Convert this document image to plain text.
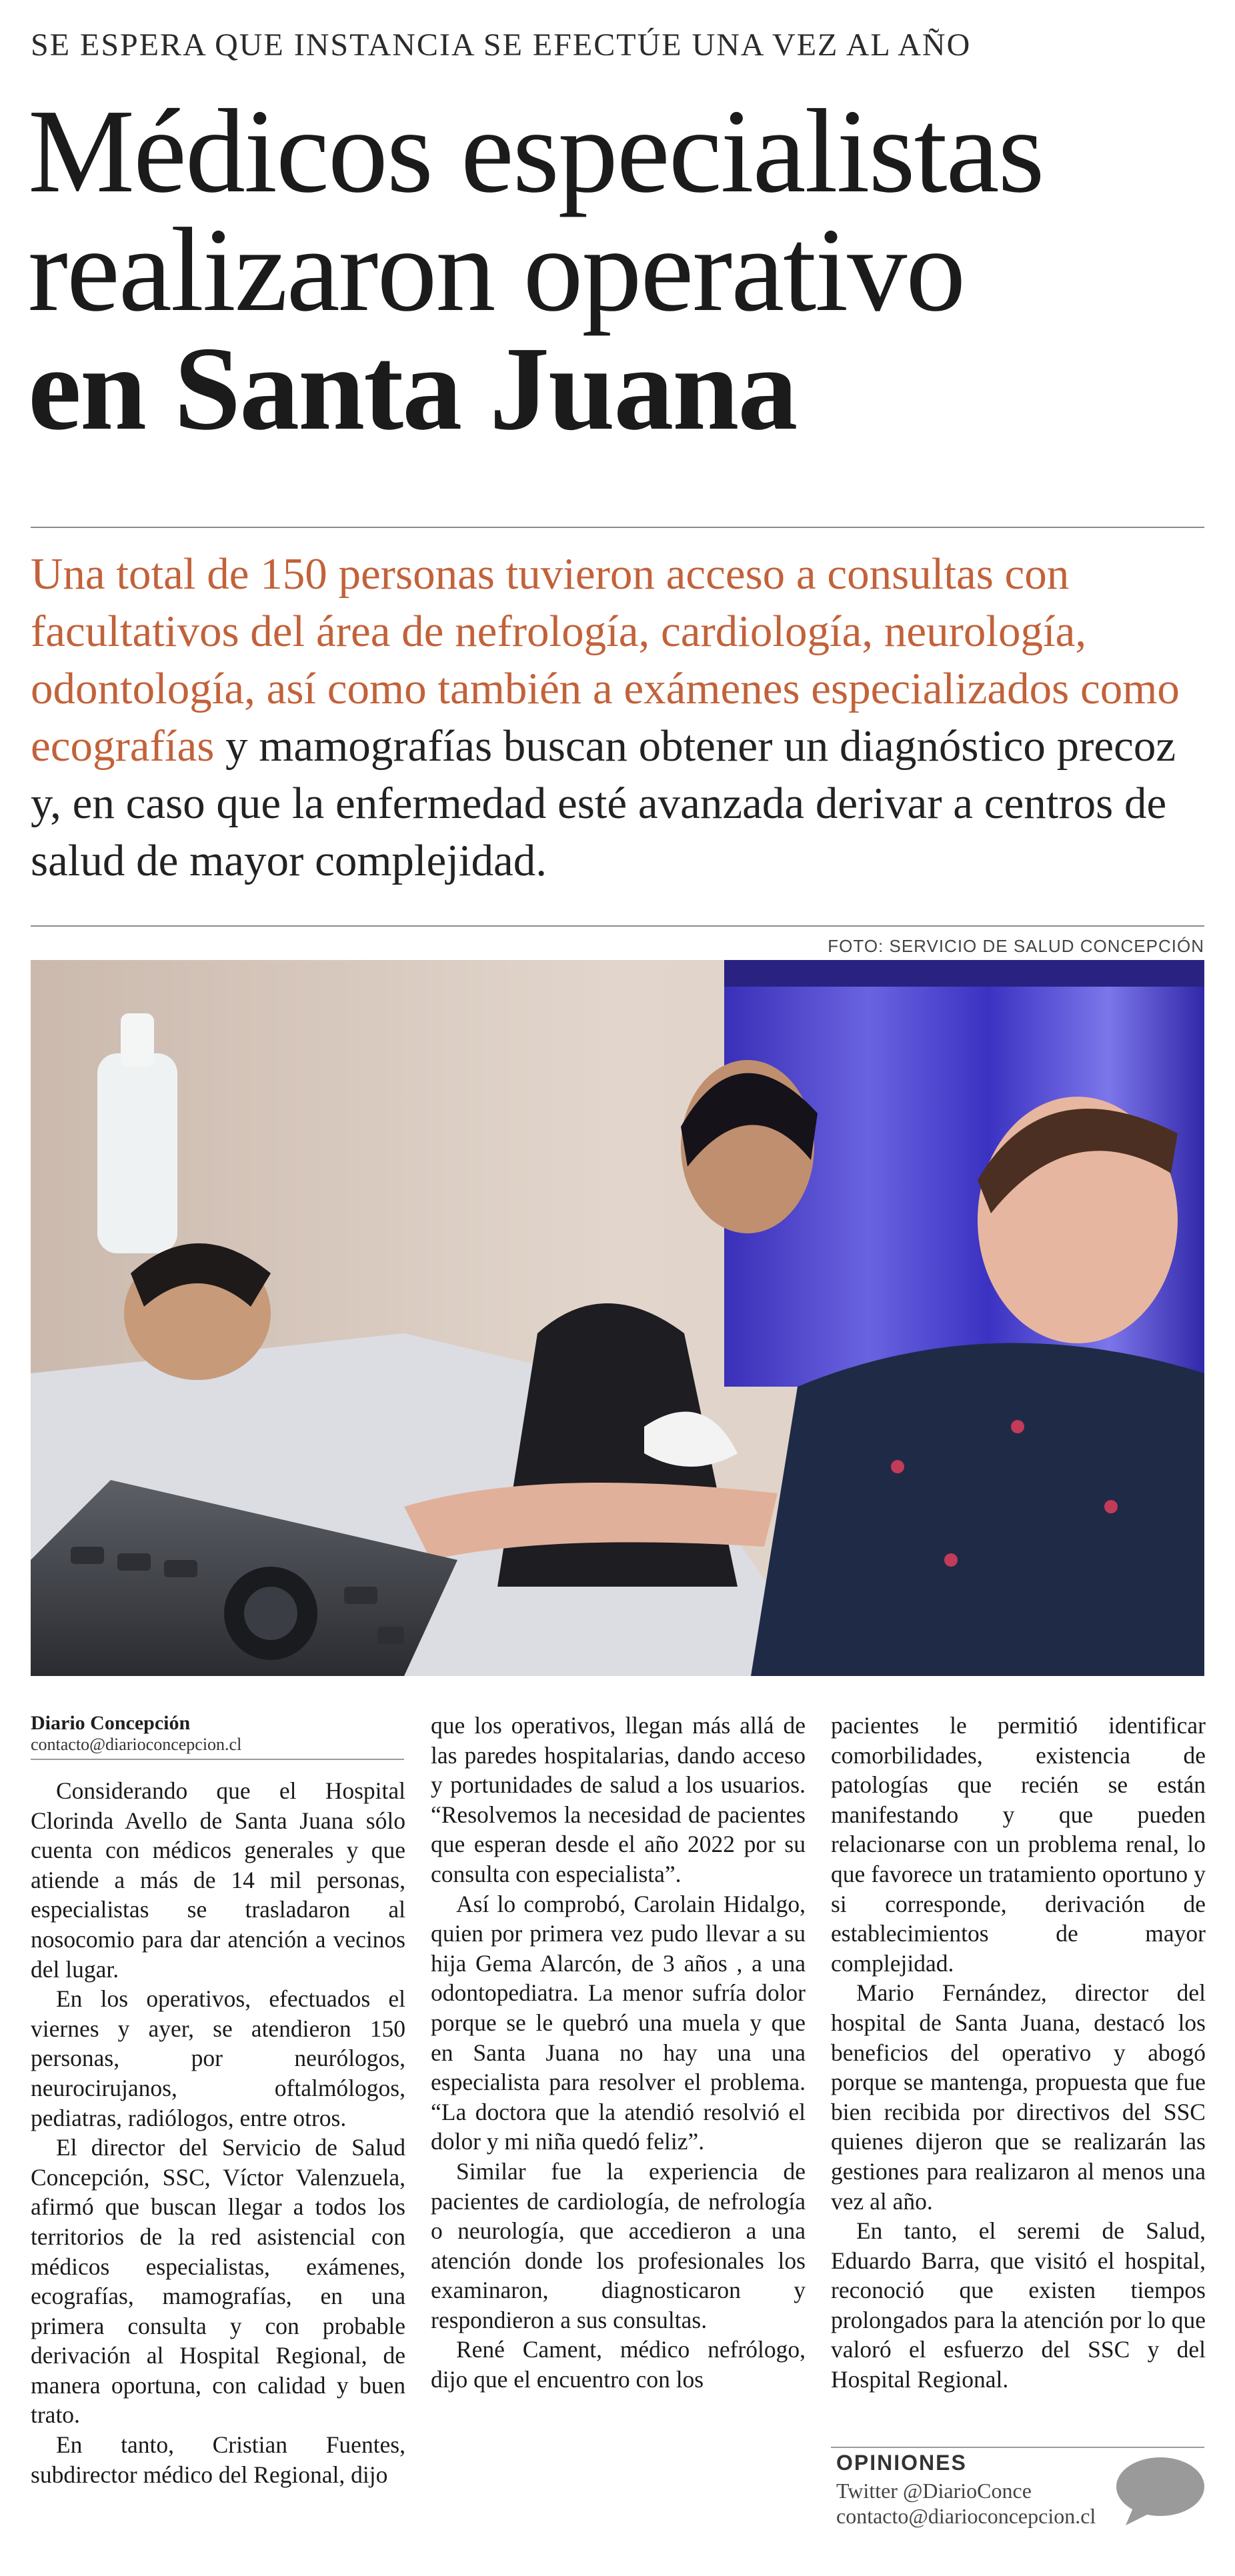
SE ESPERA QUE INSTANCIA SE EFECTÚE UNA VEZ AL AÑO
Médicos especialistas
realizaron operativo
en Santa Juana
Una total de 150 personas tuvieron acceso a consultas con facultativos del área de nefrología, cardiología, neurología, odontología, así como también a exámenes especializados como ecografías y mamografías buscan obtener un diagnóstico precoz y, en caso que la enfermedad esté avanzada derivar a centros de salud de mayor complejidad.
FOTO: SERVICIO DE SALUD CONCEPCIÓN
Diario Concepción
contacto@diarioconcepcion.cl

Considerando que el Hospital Clorinda Avello de Santa Juana sólo cuenta con médicos generales y que atiende a más de 14 mil personas, especialistas se trasladaron al nosocomio para dar atención a vecinos del lugar.

En los operativos, efectuados el viernes y ayer, se atendieron 150 personas, por neurólogos, neurocirujanos, oftalmólogos, pediatras, radiólogos, entre otros.

El director del Servicio de Salud Concepción, SSC, Víctor Valenzuela, afirmó que buscan llegar a todos los territorios de la red asistencial con médicos especialistas, exámenes, ecografías, mamografías, en una primera consulta y con probable derivación al Hospital Regional, de manera oportuna, con calidad y buen trato.

En tanto, Cristian Fuentes, subdirector médico del Regional, dijo

que los operativos, llegan más allá de las paredes hospitalarias, dando acceso y portunidades de salud a los usuarios. “Resolvemos la necesidad de pacientes que esperan desde el año 2022 por su consulta con especialista”.

Así lo comprobó, Carolain Hidalgo, quien por primera vez pudo llevar a su hija Gema Alarcón, de 3 años , a una odontopediatra. La menor sufría dolor porque se le quebró una muela y que en Santa Juana no hay una una especialista para resolver el problema. “La doctora que la atendió resolvió el dolor y mi niña quedó feliz”.

Similar fue la experiencia de pacientes de cardiología, de nefrología o neurología, que accedieron a una atención donde los profesionales los examinaron, diagnosticaron y respondieron a sus consultas.

René Cament, médico nefrólogo, dijo que el encuentro con los

pacientes le permitió identificar comorbilidades, existencia de patologías que recién se están manifestando y que pueden relacionarse con un problema renal, lo que favorece un tratamiento oportuno y si corresponde, derivación de establecimientos de mayor complejidad.

Mario Fernández, director del hospital de Santa Juana, destacó los beneficios del operativo y abogó porque se mantenga, propuesta que fue bien recibida por directivos del SSC quienes dijeron que se realizarán las gestiones para realizaron al menos una vez al año.

En tanto, el seremi de Salud, Eduardo Barra, que visitó el hospital, reconoció que existen tiempos prolongados para la atención por lo que valoró el esfuerzo del SSC y del Hospital Regional.

OPINIONES
Twitter @DiarioConce
contacto@diarioconcepcion.cl
